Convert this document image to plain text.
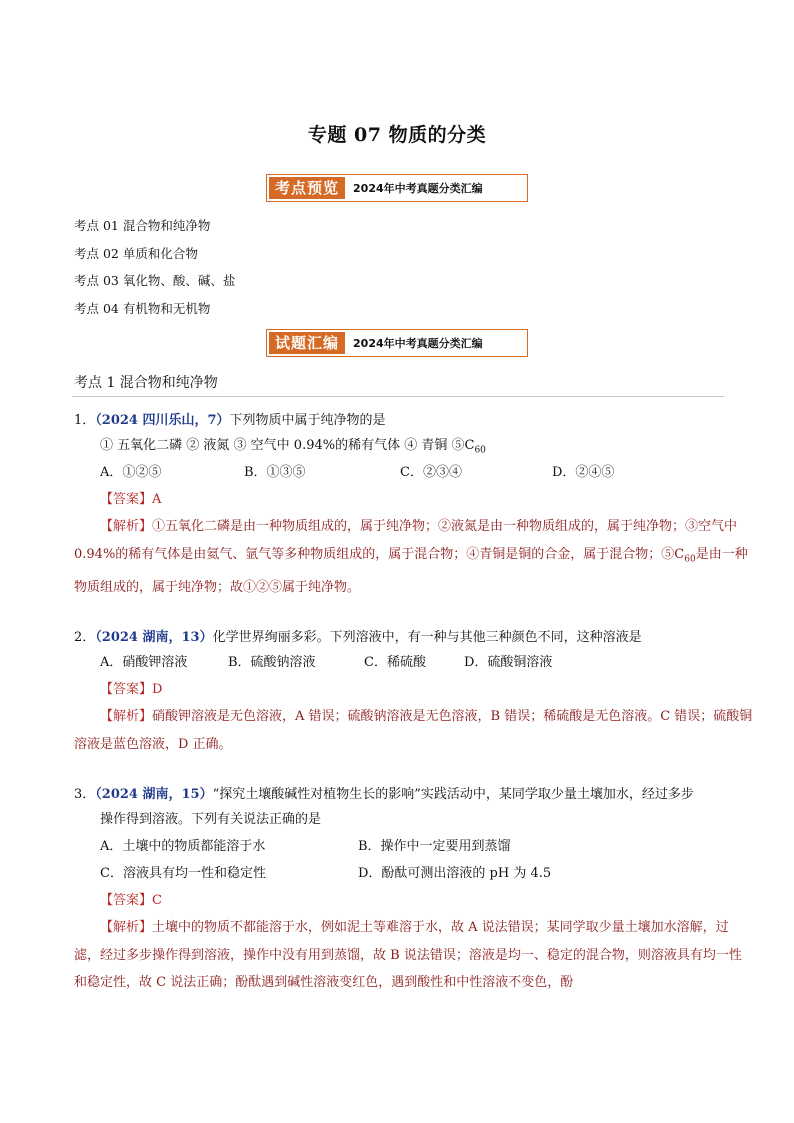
专题 07 物质的分类
考点预览	2024年中考真题分类汇编
考点 01 混合物和纯净物
考点 02 单质和化合物
考点 03 氧化物、酸、碱、盐
考点 04 有机物和无机物
试题汇编	2024年中考真题分类汇编
考点 1 混合物和纯净物
1．（2024 四川乐山，7）下列物质中属于纯净物的是
① 五氧化二磷 ② 液氮 ③ 空气中 0.94%的稀有气体 ④ 青铜 $⑤C_{60}$
A．①②⑤	B．①③⑤	C．②③④	D．②④⑤
【答案】A
【解析】①五氧化二磷是由一种物质组成的，属于纯净物；②液氮是由一种物质组成的，属于纯净物；③空气中 0.94%的稀有气体是由氦气、氩气等多种物质组成的，属于混合物；④青铜是铜的合金，属于混合物；$⑤C_{60}$是由一种物质组成的，属于纯净物；故①②⑤属于纯净物。
2．（2024 湖南，13）化学世界绚丽多彩。下列溶液中，有一种与其他三种颜色不同，这种溶液是
A．硝酸钾溶液	B．硫酸钠溶液	C．稀硫酸	D．硫酸铜溶液
【答案】D
【解析】硝酸钾溶液是无色溶液，A 错误；硫酸钠溶液是无色溶液，B 错误；稀硫酸是无色溶液。C 错误；硫酸铜溶液是蓝色溶液，D 正确。
3．（2024 湖南，15）“探究土壤酸碱性对植物生长的影响”实践活动中，某同学取少量土壤加水，经过多步
操作得到溶液。下列有关说法正确的是
A．土壤中的物质都能溶于水	B．操作中一定要用到蒸馏
C．溶液具有均一性和稳定性	D．酚酞可测出溶液的 pH 为 4.5
【答案】C
【解析】土壤中的物质不都能溶于水，例如泥土等难溶于水，故 A 说法错误；某同学取少量土壤加水溶解，过滤，经过多步操作得到溶液，操作中没有用到蒸馏，故 B 说法错误；溶液是均一、稳定的混合物，则溶液具有均一性和稳定性，故 C 说法正确；酚酞遇到碱性溶液变红色，遇到酸性和中性溶液不变色，酚
